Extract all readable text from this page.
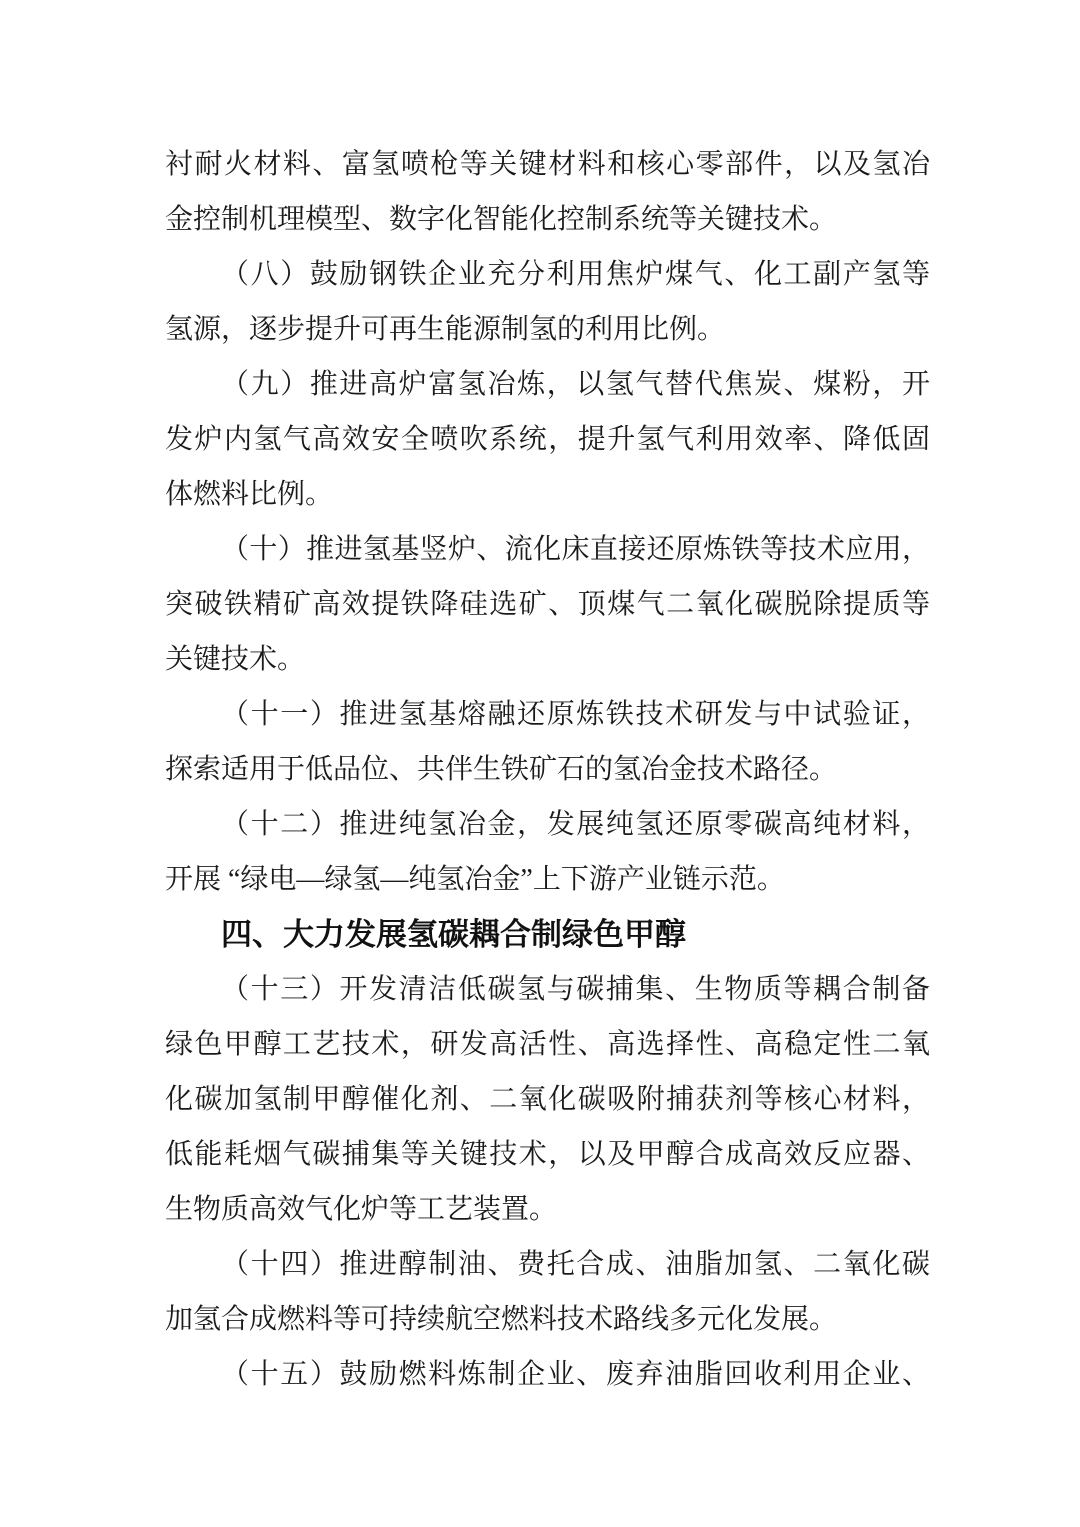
衬耐火材料、富氢喷枪等关键材料和核心零部件，以及氢冶
金控制机理模型、数字化智能化控制系统等关键技术。
（八）鼓励钢铁企业充分利用焦炉煤气、化工副产氢等
氢源，逐步提升可再生能源制氢的利用比例。
（九）推进高炉富氢冶炼，以氢气替代焦炭、煤粉，开
发炉内氢气高效安全喷吹系统，提升氢气利用效率、降低固
体燃料比例。
（十）推进氢基竖炉、流化床直接还原炼铁等技术应用，
突破铁精矿高效提铁降硅选矿、顶煤气二氧化碳脱除提质等
关键技术。
（十一）推进氢基熔融还原炼铁技术研发与中试验证，
探索适用于低品位、共伴生铁矿石的氢冶金技术路径。
（十二）推进纯氢冶金，发展纯氢还原零碳高纯材料，
开展 “绿电—绿氢—纯氢冶金”上下游产业链示范。
四、大力发展氢碳耦合制绿色甲醇
（十三）开发清洁低碳氢与碳捕集、生物质等耦合制备
绿色甲醇工艺技术，研发高活性、高选择性、高稳定性二氧
化碳加氢制甲醇催化剂、二氧化碳吸附捕获剂等核心材料，
低能耗烟气碳捕集等关键技术，以及甲醇合成高效反应器、
生物质高效气化炉等工艺装置。
（十四）推进醇制油、费托合成、油脂加氢、二氧化碳
加氢合成燃料等可持续航空燃料技术路线多元化发展。
（十五）鼓励燃料炼制企业、废弃油脂回收利用企业、
